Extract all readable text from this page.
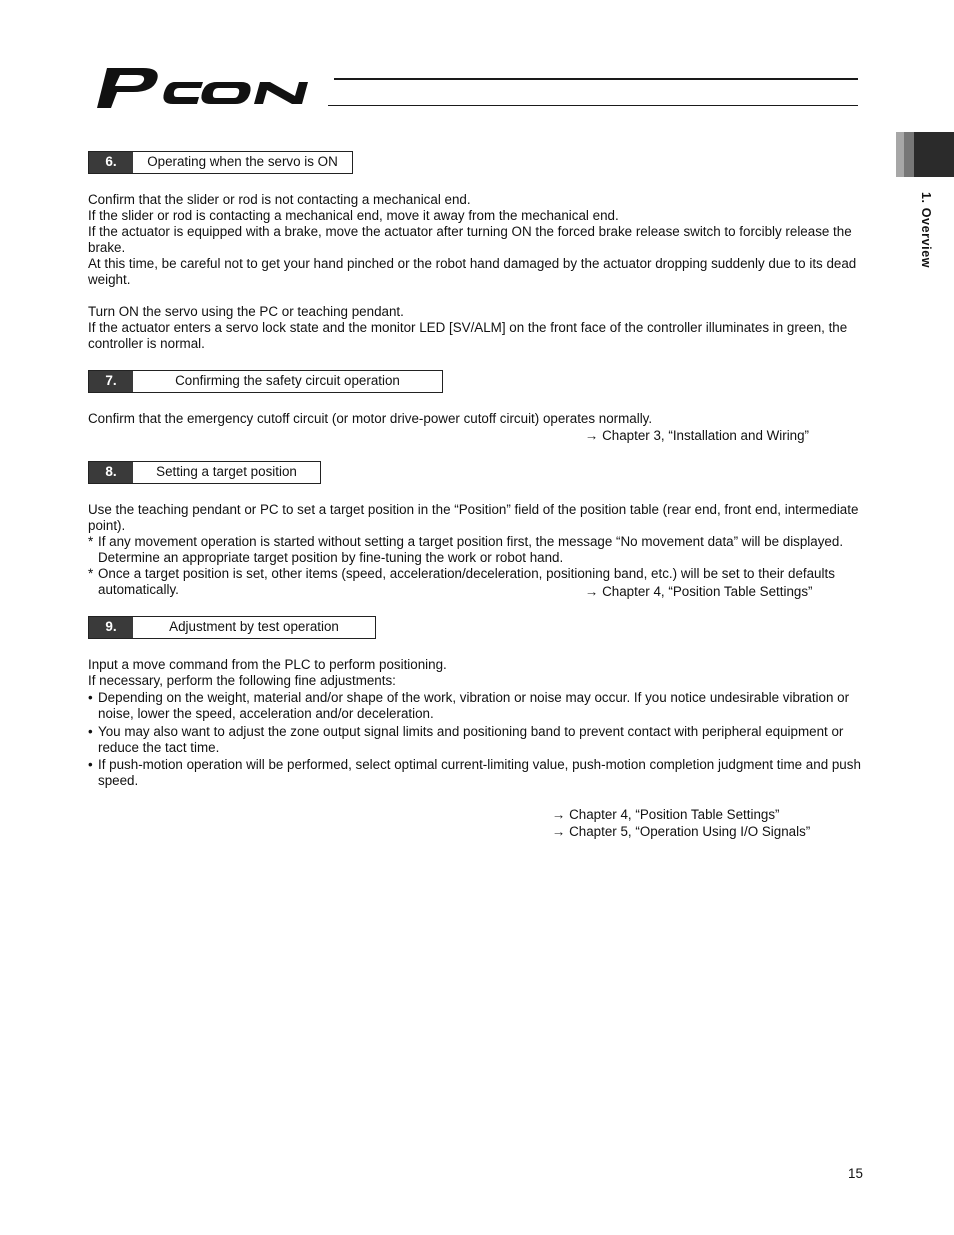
1. Overview
6.	Operating when the servo is ON
Confirm that the slider or rod is not contacting a mechanical end.
If the slider or rod is contacting a mechanical end, move it away from the mechanical end.
If the actuator is equipped with a brake, move the actuator after turning ON the forced brake release switch to forcibly release the brake.
At this time, be careful not to get your hand pinched or the robot hand damaged by the actuator dropping suddenly due to its dead weight.
Turn ON the servo using the PC or teaching pendant.
If the actuator enters a servo lock state and the monitor LED [SV/ALM] on the front face of the controller illuminates in green, the controller is normal.
7.	Confirming the safety circuit operation
Confirm that the emergency cutoff circuit (or motor drive-power cutoff circuit) operates normally.
→ Chapter 3, “Installation and Wiring”
8.	Setting a target position
Use the teaching pendant or PC to set a target position in the “Position” field of the position table (rear end, front end, intermediate point).
* If any movement operation is started without setting a target position first, the message “No movement data” will be displayed. Determine an appropriate target position by fine-tuning the work or robot hand.
* Once a target position is set, other items (speed, acceleration/deceleration, positioning band, etc.) will be set to their defaults automatically.	→ Chapter 4, “Position Table Settings”
9.	Adjustment by test operation
Input a move command from the PLC to perform positioning.
If necessary, perform the following fine adjustments:
• Depending on the weight, material and/or shape of the work, vibration or noise may occur. If you notice undesirable vibration or noise, lower the speed, acceleration and/or deceleration.
• You may also want to adjust the zone output signal limits and positioning band to prevent contact with peripheral equipment or reduce the tact time.
• If push-motion operation will be performed, select optimal current-limiting value, push-motion completion judgment time and push speed.
→ Chapter 4, “Position Table Settings”
→ Chapter 5, “Operation Using I/O Signals”
15
